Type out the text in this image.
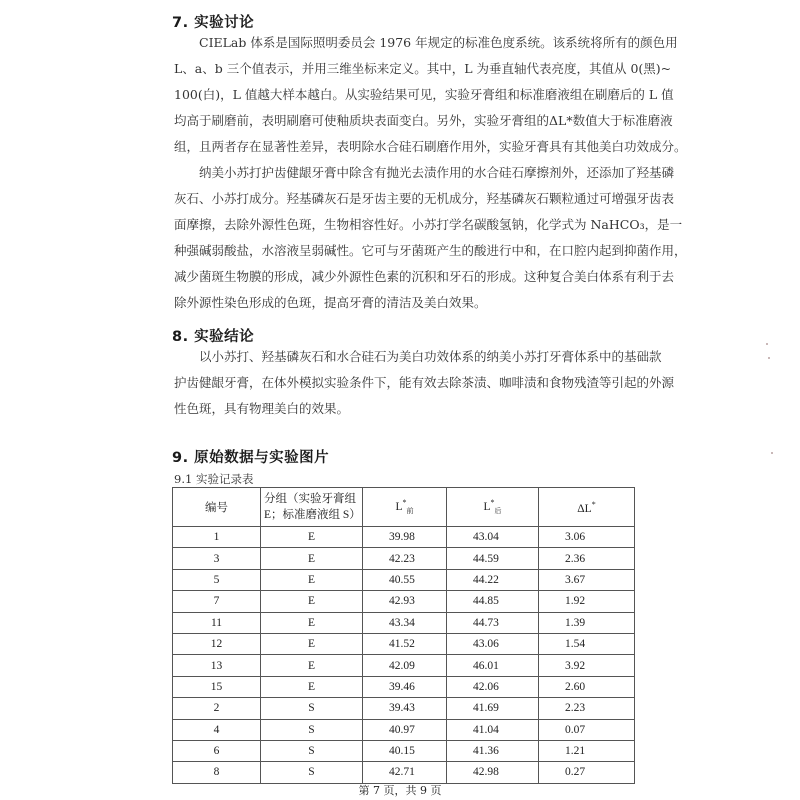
7. 实验讨论
CIELab 体系是国际照明委员会 1976 年规定的标准色度系统。该系统将所有的颜色用
L、a、b 三个值表示，并用三维坐标来定义。其中，L 为垂直轴代表亮度，其值从 0(黑)~
100(白)，L 值越大样本越白。从实验结果可见，实验牙膏组和标准磨液组在刷磨后的 L 值
均高于刷磨前，表明刷磨可使釉质块表面变白。另外，实验牙膏组的ΔL*数值大于标准磨液
组，且两者存在显著性差异，表明除水合硅石刷磨作用外，实验牙膏具有其他美白功效成分。
纳美小苏打护齿健龈牙膏中除含有抛光去渍作用的水合硅石摩擦剂外，还添加了羟基磷
灰石、小苏打成分。羟基磷灰石是牙齿主要的无机成分，羟基磷灰石颗粒通过可增强牙齿表
面摩擦，去除外源性色斑，生物相容性好。小苏打学名碳酸氢钠，化学式为 NaHCO₃，是一
种强碱弱酸盐，水溶液呈弱碱性。它可与牙菌斑产生的酸进行中和，在口腔内起到抑菌作用，
减少菌斑生物膜的形成，减少外源性色素的沉积和牙石的形成。这种复合美白体系有利于去
除外源性染色形成的色斑，提高牙膏的清洁及美白效果。
8. 实验结论
以小苏打、羟基磷灰石和水合硅石为美白功效体系的纳美小苏打牙膏体系中的基础款
护齿健龈牙膏，在体外模拟实验条件下，能有效去除茶渍、咖啡渍和食物残渣等引起的外源
性色斑，具有物理美白的效果。
9. 原始数据与实验图片

9.1 实验记录表

编号	分组（实验牙膏组
E；标准磨液组 S）	$L^*_前$	$L^*_后$	ΔL*
1	E	39.98	43.04	3.06
3	E	42.23	44.59	2.36
5	E	40.55	44.22	3.67
7	E	42.93	44.85	1.92
11	E	43.34	44.73	1.39
12	E	41.52	43.06	1.54
13	E	42.09	46.01	3.92
15	E	39.46	42.06	2.60
2	S	39.43	41.69	2.23
4	S	40.97	41.04	0.07
6	S	40.15	41.36	1.21
8	S	42.71	42.98	0.27
第 7 页，共 9 页
